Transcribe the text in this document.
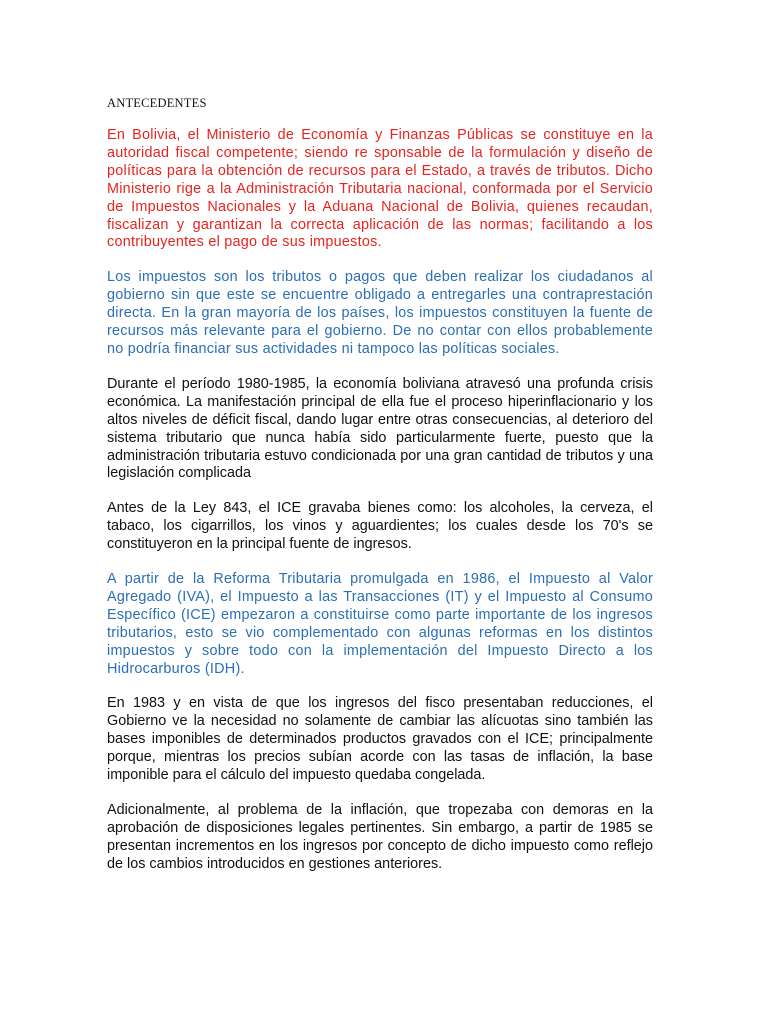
ANTECEDENTES

En Bolivia, el Ministerio de Economía y Finanzas Públicas se constituye en la autoridad fiscal competente; siendo re sponsable de la formulación y diseño de políticas para la obtención de recursos para el Estado, a través de tributos. Dicho Ministerio rige a la Administración Tributaria nacional, conformada por el Servicio de Impuestos Nacionales y la Aduana Nacional de Bolivia, quienes recaudan, fiscalizan y garantizan la correcta aplicación de las normas; facilitando a los contribuyentes el pago de sus impuestos.

Los impuestos son los tributos o pagos que deben realizar los ciudadanos al gobierno sin que este se encuentre obligado a entregarles una contraprestación directa. En la gran mayoría de los países, los impuestos constituyen la fuente de recursos más relevante para el gobierno. De no contar con ellos probablemente no podría financiar sus actividades ni tampoco las políticas sociales.

Durante el período 1980-1985, la economía boliviana atravesó una profunda crisis económica. La manifestación principal de ella fue el proceso hiperinflacionario y los altos niveles de déficit fiscal, dando lugar entre otras consecuencias, al deterioro del sistema tributario que nunca había sido particularmente fuerte, puesto que la administración tributaria estuvo condicionada por una gran cantidad de tributos y una legislación complicada

Antes de la Ley 843, el ICE gravaba bienes como: los alcoholes, la cerveza, el tabaco, los cigarrillos, los vinos y aguardientes; los cuales desde los 70's se constituyeron en la principal fuente de ingresos.

A partir de la Reforma Tributaria promulgada en 1986, el Impuesto al Valor Agregado (IVA), el Impuesto a las Transacciones (IT) y el Impuesto al Consumo Específico (ICE) empezaron a constituirse como parte importante de los ingresos tributarios, esto se vio complementado con algunas reformas en los distintos impuestos y sobre todo con la implementación del Impuesto Directo a los Hidrocarburos (IDH).

En 1983 y en vista de que los ingresos del fisco presentaban reducciones, el Gobierno ve la necesidad no solamente de cambiar las alícuotas sino también las bases imponibles de determinados productos gravados con el ICE; principalmente porque, mientras los precios subían acorde con las tasas de inflación, la base imponible para el cálculo del impuesto quedaba congelada.

Adicionalmente, al problema de la inflación, que tropezaba con demoras en la aprobación de disposiciones legales pertinentes. Sin embargo, a partir de 1985 se presentan incrementos en los ingresos por concepto de dicho impuesto como reflejo de los cambios introducidos en gestiones anteriores.
